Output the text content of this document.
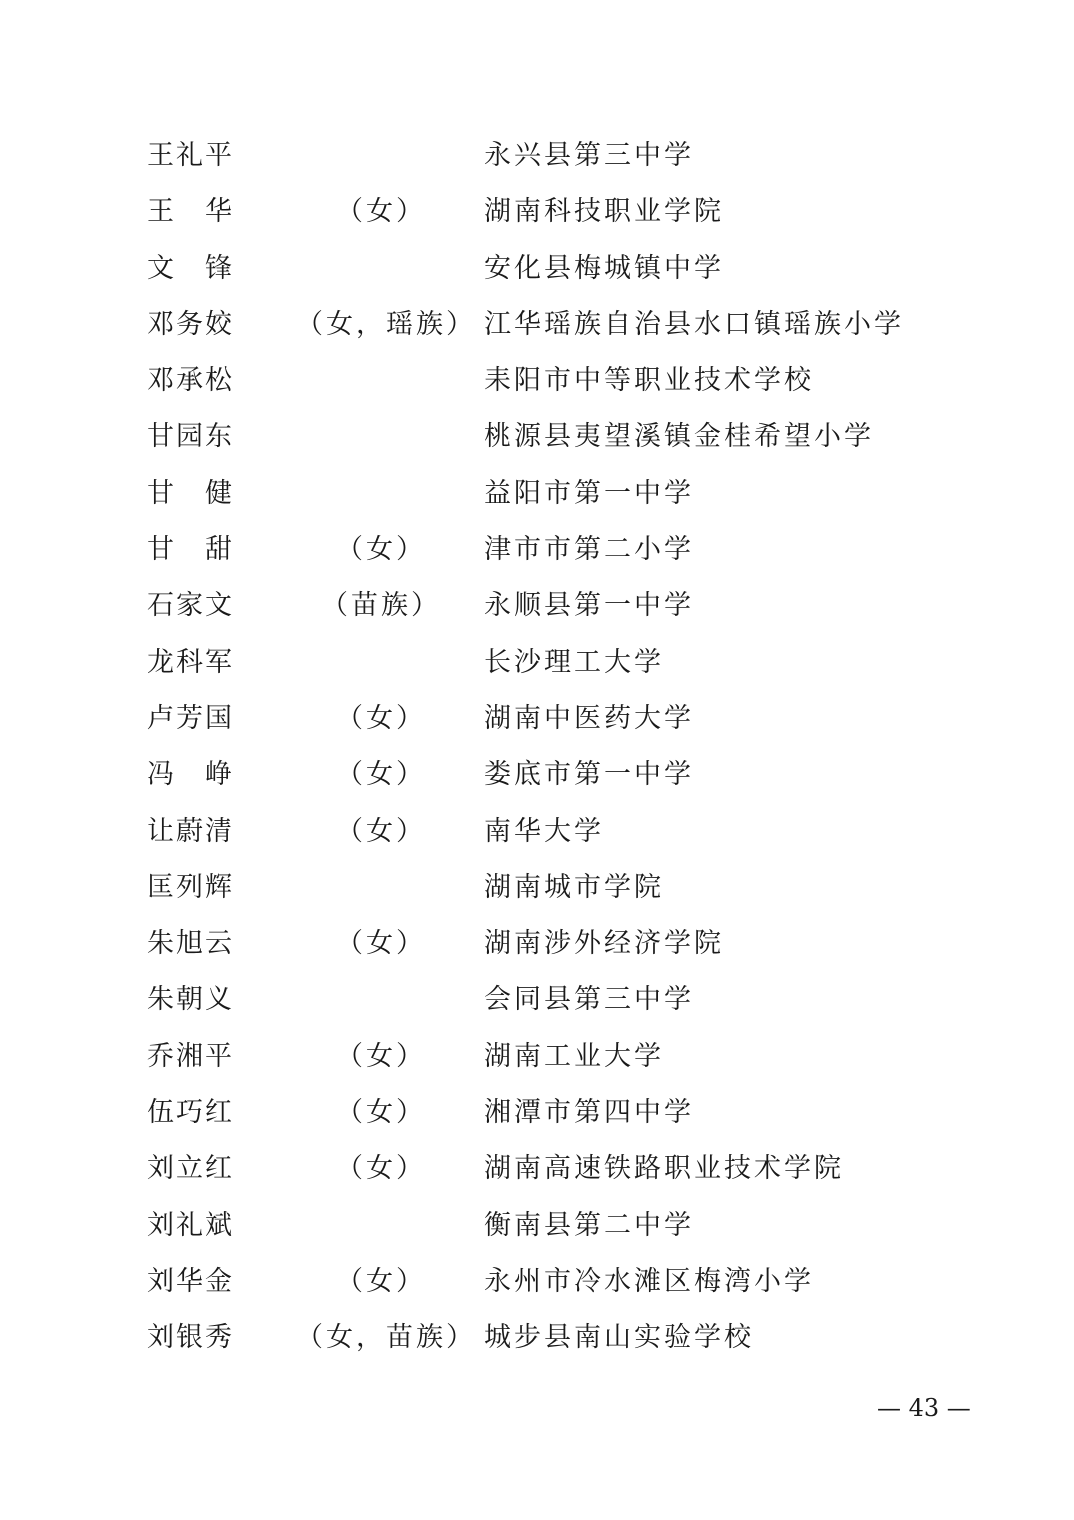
王礼平	永兴县第三中学
王　华	（女）	湖南科技职业学院
文　锋	安化县梅城镇中学
邓务姣 （女，瑶族） 江华瑶族自治县水口镇瑶族小学
邓承松	耒阳市中等职业技术学校
甘园东	桃源县夷望溪镇金桂希望小学
甘　健	益阳市第一中学
甘　甜	（女）	津市市第二小学
石家文	（苗族）	永顺县第一中学
龙科军	长沙理工大学
卢芳国	（女）	湖南中医药大学
冯　峥	（女）	娄底市第一中学
让蔚清	（女）	南华大学
匡列辉	湖南城市学院
朱旭云	（女）	湖南涉外经济学院
朱朝义	会同县第三中学
乔湘平	（女）	湖南工业大学
伍巧红	（女）	湘潭市第四中学
刘立红	（女）	湖南高速铁路职业技术学院
刘礼斌	衡南县第二中学
刘华金	（女）	永州市冷水滩区梅湾小学
刘银秀 （女，苗族） 城步县南山实验学校
— 43 —
